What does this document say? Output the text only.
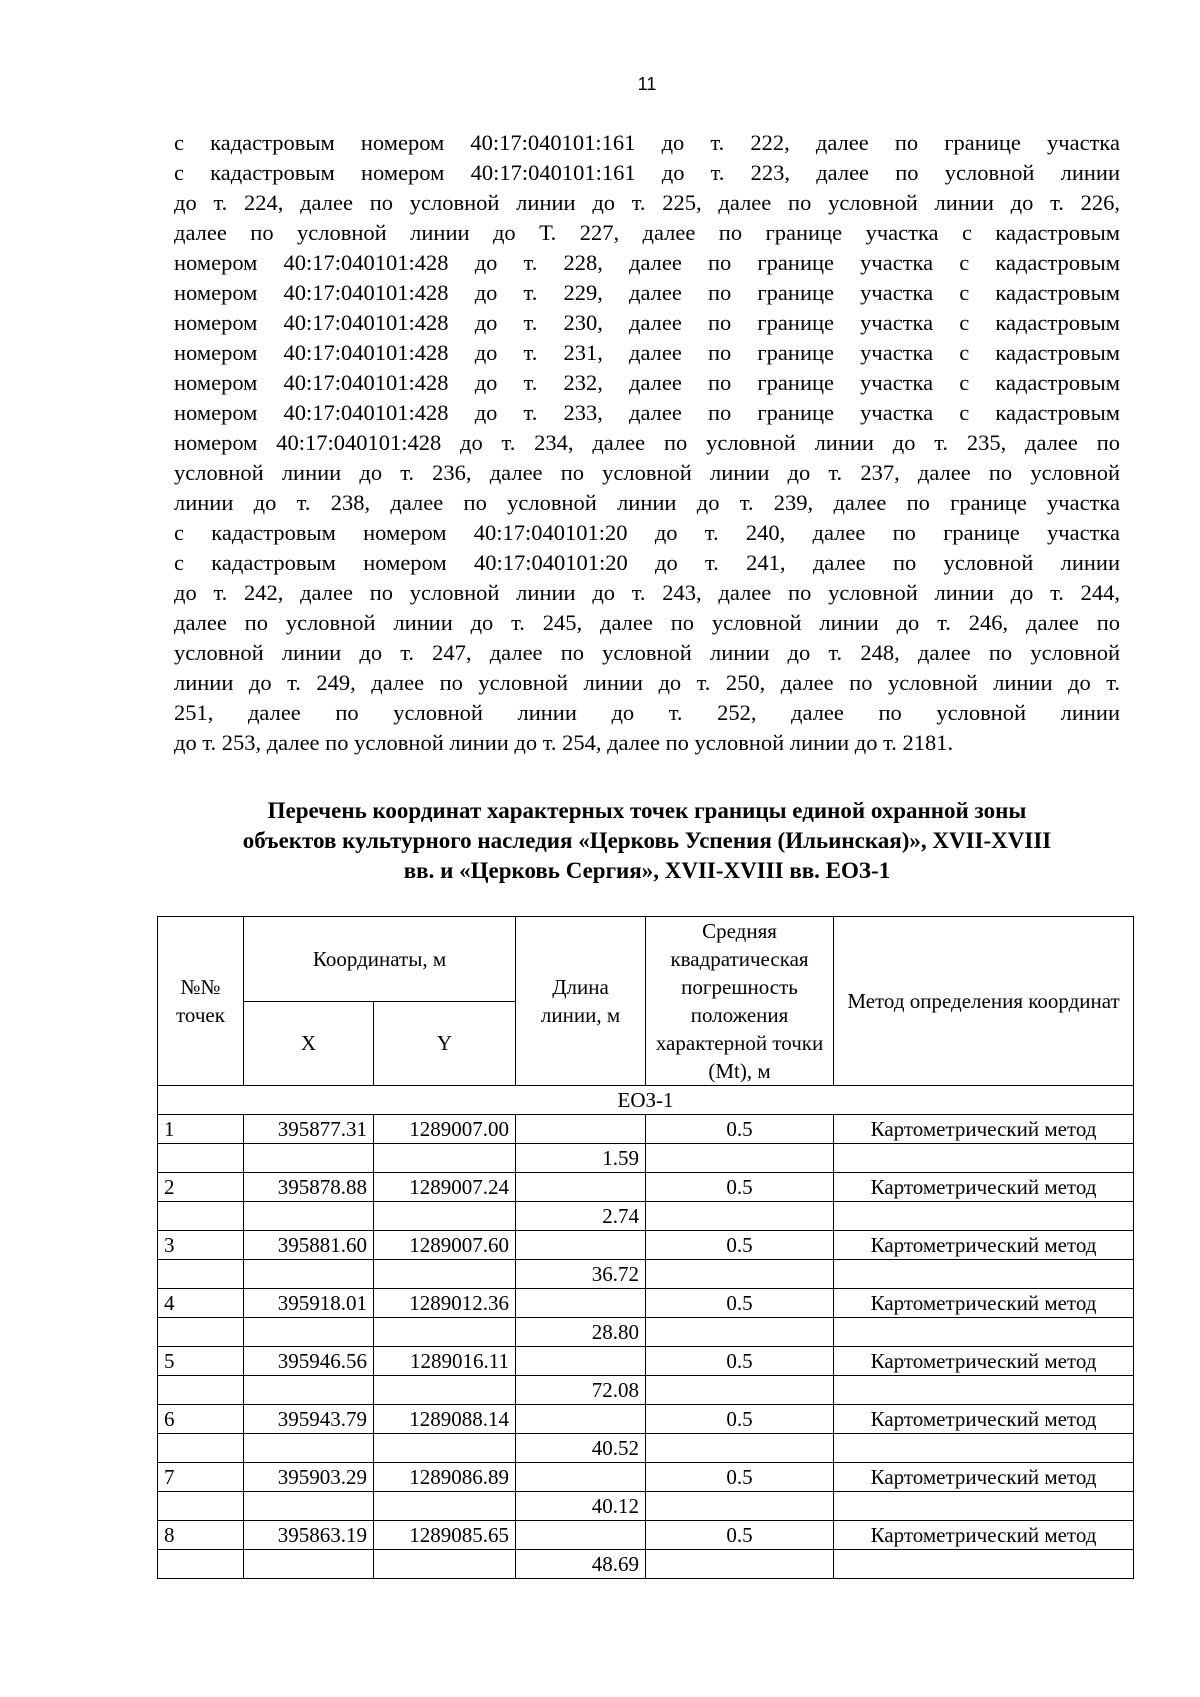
11
с кадастровым номером 40:17:040101:161 до т. 222, далее по границе участка
с кадастровым номером 40:17:040101:161 до т. 223, далее по условной линии
до т. 224, далее по условной линии до т. 225, далее по условной линии до т. 226,
далее по условной линии до Т. 227, далее по границе участка с кадастровым
номером 40:17:040101:428 до т. 228, далее по границе участка с кадастровым
номером 40:17:040101:428 до т. 229, далее по границе участка с кадастровым
номером 40:17:040101:428 до т. 230, далее по границе участка с кадастровым
номером 40:17:040101:428 до т. 231, далее по границе участка с кадастровым
номером 40:17:040101:428 до т. 232, далее по границе участка с кадастровым
номером 40:17:040101:428 до т. 233, далее по границе участка с кадастровым
номером 40:17:040101:428 до т. 234, далее по условной линии до т. 235, далее по
условной линии до т. 236, далее по условной линии до т. 237, далее по условной
линии до т. 238, далее по условной линии до т. 239, далее по границе участка
с кадастровым номером 40:17:040101:20 до т. 240, далее по границе участка
с кадастровым номером 40:17:040101:20 до т. 241, далее по условной линии
до т. 242, далее по условной линии до т. 243, далее по условной линии до т. 244,
далее по условной линии до т. 245, далее по условной линии до т. 246, далее по
условной линии до т. 247, далее по условной линии до т. 248, далее по условной
линии до т. 249, далее по условной линии до т. 250, далее по условной линии до т.
251, далее по условной линии до т. 252, далее по условной линии
до т. 253, далее по условной линии до т. 254, далее по условной линии до т. 2181.
Перечень координат характерных точек границы единой охранной зоны
объектов культурного наследия «Церковь Успения (Ильинская)», XVII-XVIII
вв. и «Церковь Сергия», XVII-XVIII вв. ЕОЗ-1
№№ точек	Координаты, м		Длина линии, м	Средняя квадратическая погрешность положения характерной точки (Mt), м	Метод определения координат
	X	Y			
ЕОЗ-1					
1	395877.31	1289007.00		0.5	Картометрический метод
			1.59		
2	395878.88	1289007.24		0.5	Картометрический метод
			2.74		
3	395881.60	1289007.60		0.5	Картометрический метод
			36.72		
4	395918.01	1289012.36		0.5	Картометрический метод
			28.80		
5	395946.56	1289016.11		0.5	Картометрический метод
			72.08		
6	395943.79	1289088.14		0.5	Картометрический метод
			40.52		
7	395903.29	1289086.89		0.5	Картометрический метод
			40.12		
8	395863.19	1289085.65		0.5	Картометрический метод
			48.69		
